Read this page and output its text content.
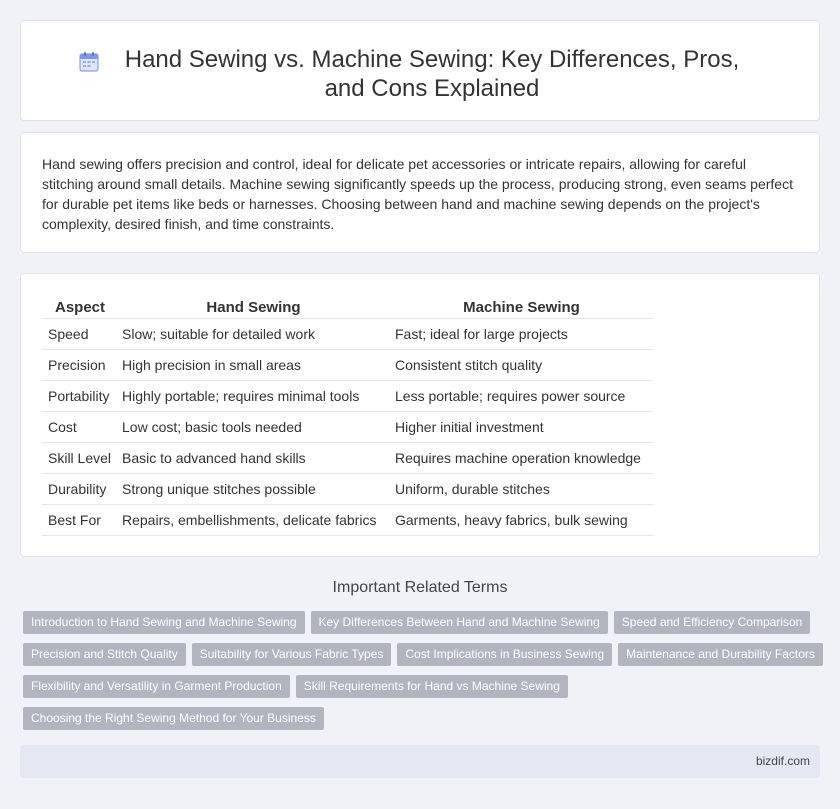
Hand Sewing vs. Machine Sewing: Key Differences, Pros, and Cons Explained

Hand sewing offers precision and control, ideal for delicate pet accessories or intricate repairs, allowing for careful stitching around small details. Machine sewing significantly speeds up the process, producing strong, even seams perfect for durable pet items like beds or harnesses. Choosing between hand and machine sewing depends on the project's complexity, desired finish, and time constraints.

Aspect	Hand Sewing	Machine Sewing
Speed	Slow; suitable for detailed work	Fast; ideal for large projects
Precision	High precision in small areas	Consistent stitch quality
Portability	Highly portable; requires minimal tools	Less portable; requires power source
Cost	Low cost; basic tools needed	Higher initial investment
Skill Level	Basic to advanced hand skills	Requires machine operation knowledge
Durability	Strong unique stitches possible	Uniform, durable stitches
Best For	Repairs, embellishments, delicate fabrics	Garments, heavy fabrics, bulk sewing
Important Related Terms
Introduction to Hand Sewing and Machine Sewing	Key Differences Between Hand and Machine Sewing	Speed and Efficiency Comparison
Precision and Stitch Quality	Suitability for Various Fabric Types	Cost Implications in Business Sewing	Maintenance and Durability Factors
Flexibility and Versatility in Garment Production	Skill Requirements for Hand vs Machine Sewing
Choosing the Right Sewing Method for Your Business
bizdif.com
